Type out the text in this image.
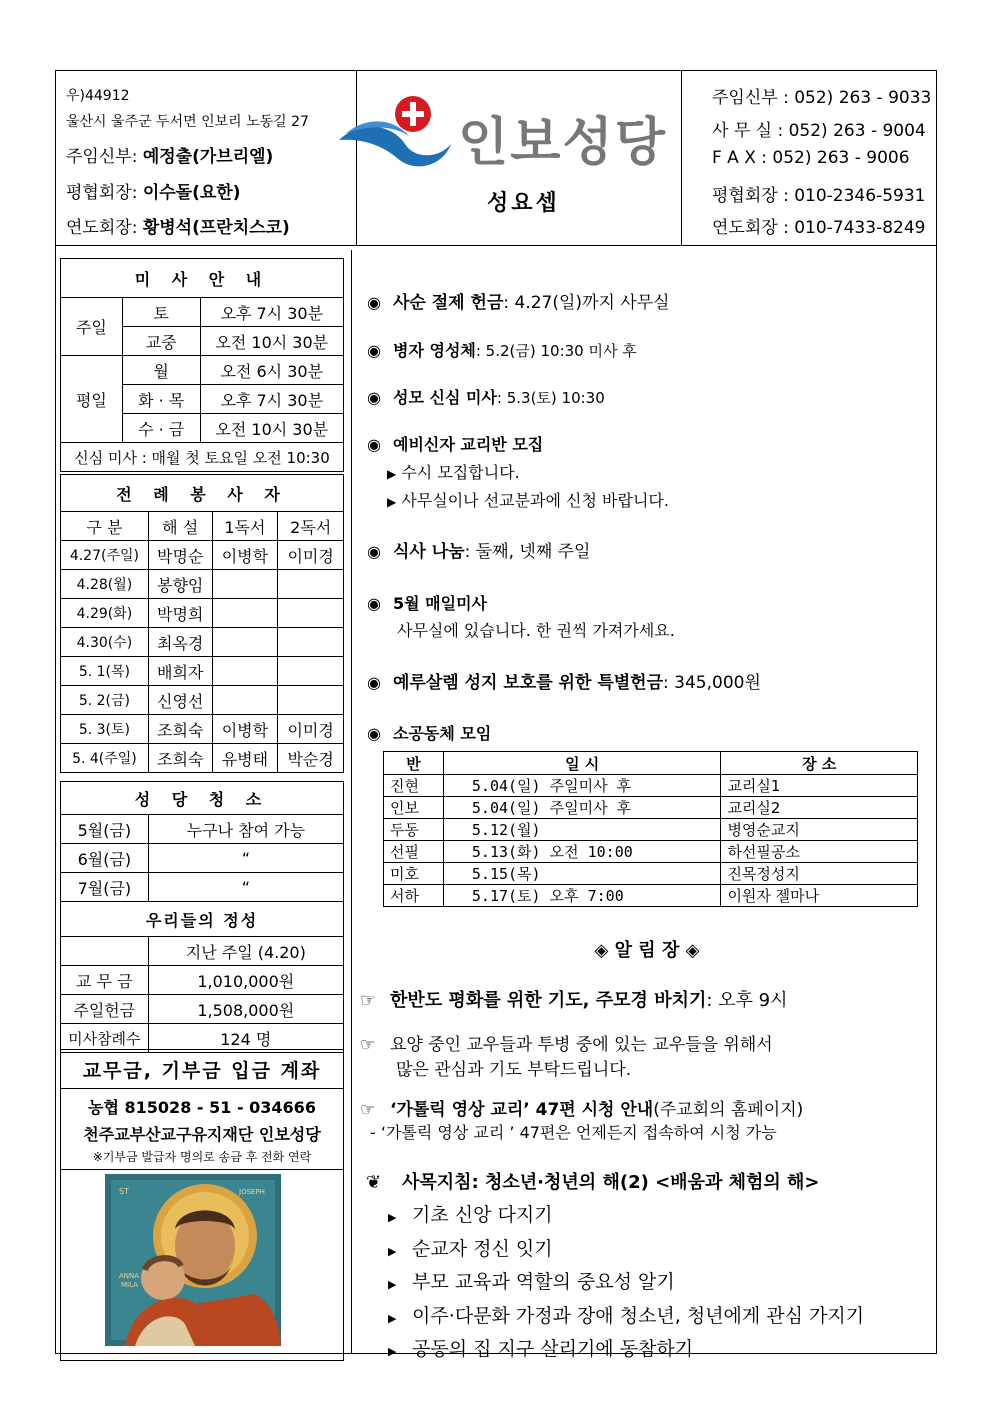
우)44912
울산시 울주군 두서면 인보리 노동길 27
주임신부: 예정출(가브리엘)
평협회장: 이수돌(요한)
연도회장: 황병석(프란치스코)
인보성당
성요셉
주임신부 : 052) 263 - 9033
사 무 실 : 052) 263 - 9004
F A X : 052) 263 - 9006
평협회장 : 010-2346-5931
연도회장 : 010-7433-8249
미 사 안 내		
주일	토	오후 7시 30분
	교중	오전 10시 30분
평일	월	오전 6시 30분
	화 · 목	오후 7시 30분
	수 · 금	오전 10시 30분
신심 미사 : 매월 첫 토요일 오전 10:30		
전 례 봉 사 자			
구 분	해 설	1독서	2독서
4.27(주일)	박명순	이병학	이미경
4.28(월)	봉향임		
4.29(화)	박명희		
4.30(수)	최옥경		
5. 1(목)	배희자		
5. 2(금)	신영선		
5. 3(토)	조희숙	이병학	이미경
5. 4(주일)	조희숙	유병태	박순경
성 당 청 소	
5월(금)	누구나 참여 가능
6월(금)	“
7월(금)	“
우리들의 정성	
	지난 주일 (4.20)
교 무 금	1,010,000원
주일헌금	1,508,000원
미사참례수	124 명
교무금, 기부금 입금 계좌

농협 815028 - 51 - 034666
천주교부산교구유지재단 인보성당
※기부금 발급자 명의로 송금 후 전화 연락

ST	JOSEPH
ANNA
MILA
◉ 사순 절제 헌금: 4.27(일)까지 사무실
◉ 병자 영성체: 5.2(금) 10:30 미사 후
◉ 성모 신심 미사: 5.3(토) 10:30
◉ 예비신자 교리반 모집
▶ 수시 모집합니다.
▶ 사무실이나 선교분과에 신청 바랍니다.
◉ 식사 나눔: 둘째, 넷째 주일
◉ 5월 매일미사
사무실에 있습니다. 한 권씩 가져가세요.
◉ 예루살렘 성지 보호를 위한 특별헌금: 345,000원
◉ 소공동체 모임
반	일 시	장 소
진현	5.04(일) 주일미사 후	교리실1
인보	5.04(일) 주일미사 후	교리실2
두동	5.12(월)	병영순교지
선필	5.13(화) 오전 10:00	하선필공소
미호	5.15(목)	진목정성지
서하	5.17(토) 오후 7:00	이원자 젤마나
◈ 알 림 장 ◈
☞ 한반도 평화를 위한 기도, 주모경 바치기: 오후 9시
☞ 요양 중인 교우들과 투병 중에 있는 교우들을 위해서
많은 관심과 기도 부탁드립니다.
☞ ‘가톨릭 영상 교리’ 47편 시청 안내(주교회의 홈페이지)
- ‘가톨릭 영상 교리 ’ 47편은 언제든지 접속하여 시청 가능
❦ 사목지침: 청소년·청년의 해(2) <배움과 체험의 해>
▶ 기초 신앙 다지기
▶ 순교자 정신 잇기
▶ 부모 교육과 역할의 중요성 알기
▶ 이주·다문화 가정과 장애 청소년, 청년에게 관심 가지기
▶ 공동의 집 지구 살리기에 동참하기
